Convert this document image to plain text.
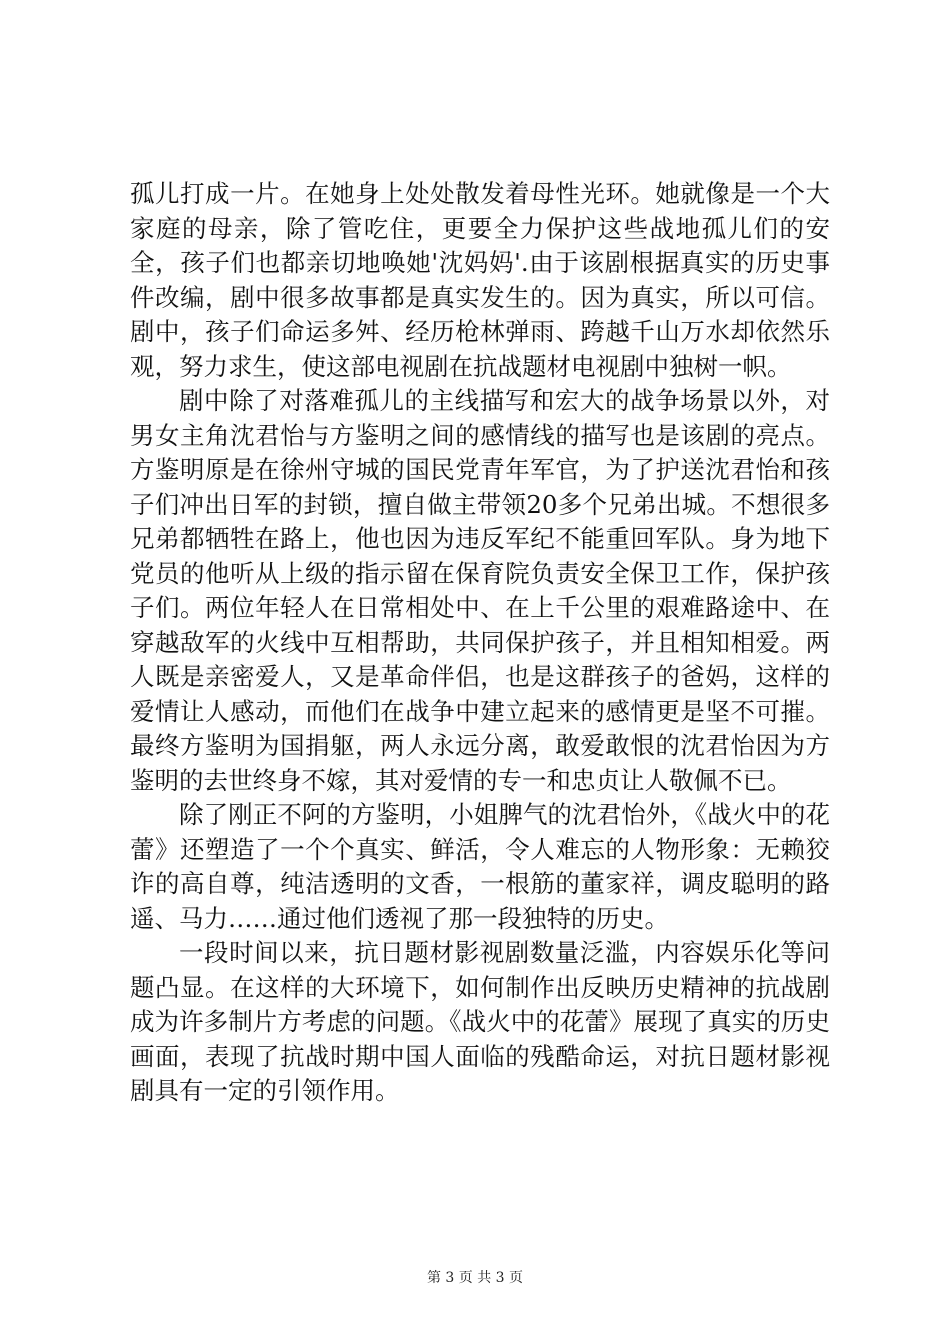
孤儿打成一片。在她身上处处散发着母性光环。她就像是一个大家庭的母亲，除了管吃住，更要全力保护这些战地孤儿们的安全，孩子们也都亲切地唤她'沈妈妈'.由于该剧根据真实的历史事件改编，剧中很多故事都是真实发生的。因为真实，所以可信。剧中，孩子们命运多舛、经历枪林弹雨、跨越千山万水却依然乐观，努力求生，使这部电视剧在抗战题材电视剧中独树一帜。

剧中除了对落难孤儿的主线描写和宏大的战争场景以外，对男女主角沈君怡与方鉴明之间的感情线的描写也是该剧的亮点。方鉴明原是在徐州守城的国民党青年军官，为了护送沈君怡和孩子们冲出日军的封锁，擅自做主带领20多个兄弟出城。不想很多兄弟都牺牲在路上，他也因为违反军纪不能重回军队。身为地下党员的他听从上级的指示留在保育院负责安全保卫工作，保护孩子们。两位年轻人在日常相处中、在上千公里的艰难路途中、在穿越敌军的火线中互相帮助，共同保护孩子，并且相知相爱。两人既是亲密爱人，又是革命伴侣，也是这群孩子的爸妈，这样的爱情让人感动，而他们在战争中建立起来的感情更是坚不可摧。最终方鉴明为国捐躯，两人永远分离，敢爱敢恨的沈君怡因为方鉴明的去世终身不嫁，其对爱情的专一和忠贞让人敬佩不已。

除了刚正不阿的方鉴明，小姐脾气的沈君怡外，《战火中的花蕾》还塑造了一个个真实、鲜活，令人难忘的人物形象：无赖狡诈的高自尊，纯洁透明的文香，一根筋的董家祥，调皮聪明的路遥、马力……通过他们透视了那一段独特的历史。

一段时间以来，抗日题材影视剧数量泛滥，内容娱乐化等问题凸显。在这样的大环境下，如何制作出反映历史精神的抗战剧成为许多制片方考虑的问题。《战火中的花蕾》展现了真实的历史画面，表现了抗战时期中国人面临的残酷命运，对抗日题材影视剧具有一定的引领作用。

第 3 页 共 3 页
